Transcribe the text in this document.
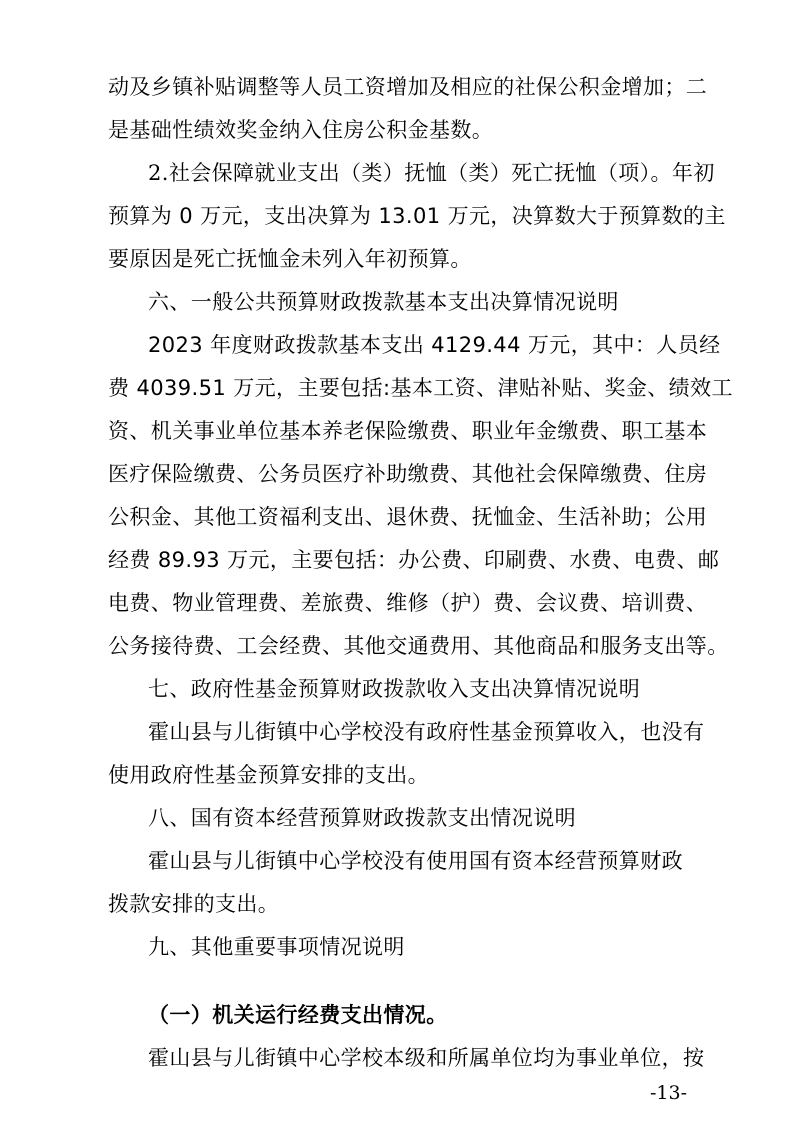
动及乡镇补贴调整等人员工资增加及相应的社保公积金增加；二
是基础性绩效奖金纳入住房公积金基数。
2.社会保障就业支出（类）抚恤（类）死亡抚恤（项）。年初
预算为 0 万元，支出决算为 13.01 万元，决算数大于预算数的主
要原因是死亡抚恤金未列入年初预算。
六、一般公共预算财政拨款基本支出决算情况说明
2023 年度财政拨款基本支出 4129.44 万元，其中：人员经
费 4039.51 万元，主要包括:基本工资、津贴补贴、奖金、绩效工
资、机关事业单位基本养老保险缴费、职业年金缴费、职工基本
医疗保险缴费、公务员医疗补助缴费、其他社会保障缴费、住房
公积金、其他工资福利支出、退休费、抚恤金、生活补助；公用
经费 89.93 万元，主要包括：办公费、印刷费、水费、电费、邮
电费、物业管理费、差旅费、维修（护）费、会议费、培训费、
公务接待费、工会经费、其他交通费用、其他商品和服务支出等。
七、政府性基金预算财政拨款收入支出决算情况说明
霍山县与儿街镇中心学校没有政府性基金预算收入，也没有
使用政府性基金预算安排的支出。
八、国有资本经营预算财政拨款支出情况说明
霍山县与儿街镇中心学校没有使用国有资本经营预算财政
拨款安排的支出。
九、其他重要事项情况说明
（一）机关运行经费支出情况。
霍山县与儿街镇中心学校本级和所属单位均为事业单位，按
-13-
